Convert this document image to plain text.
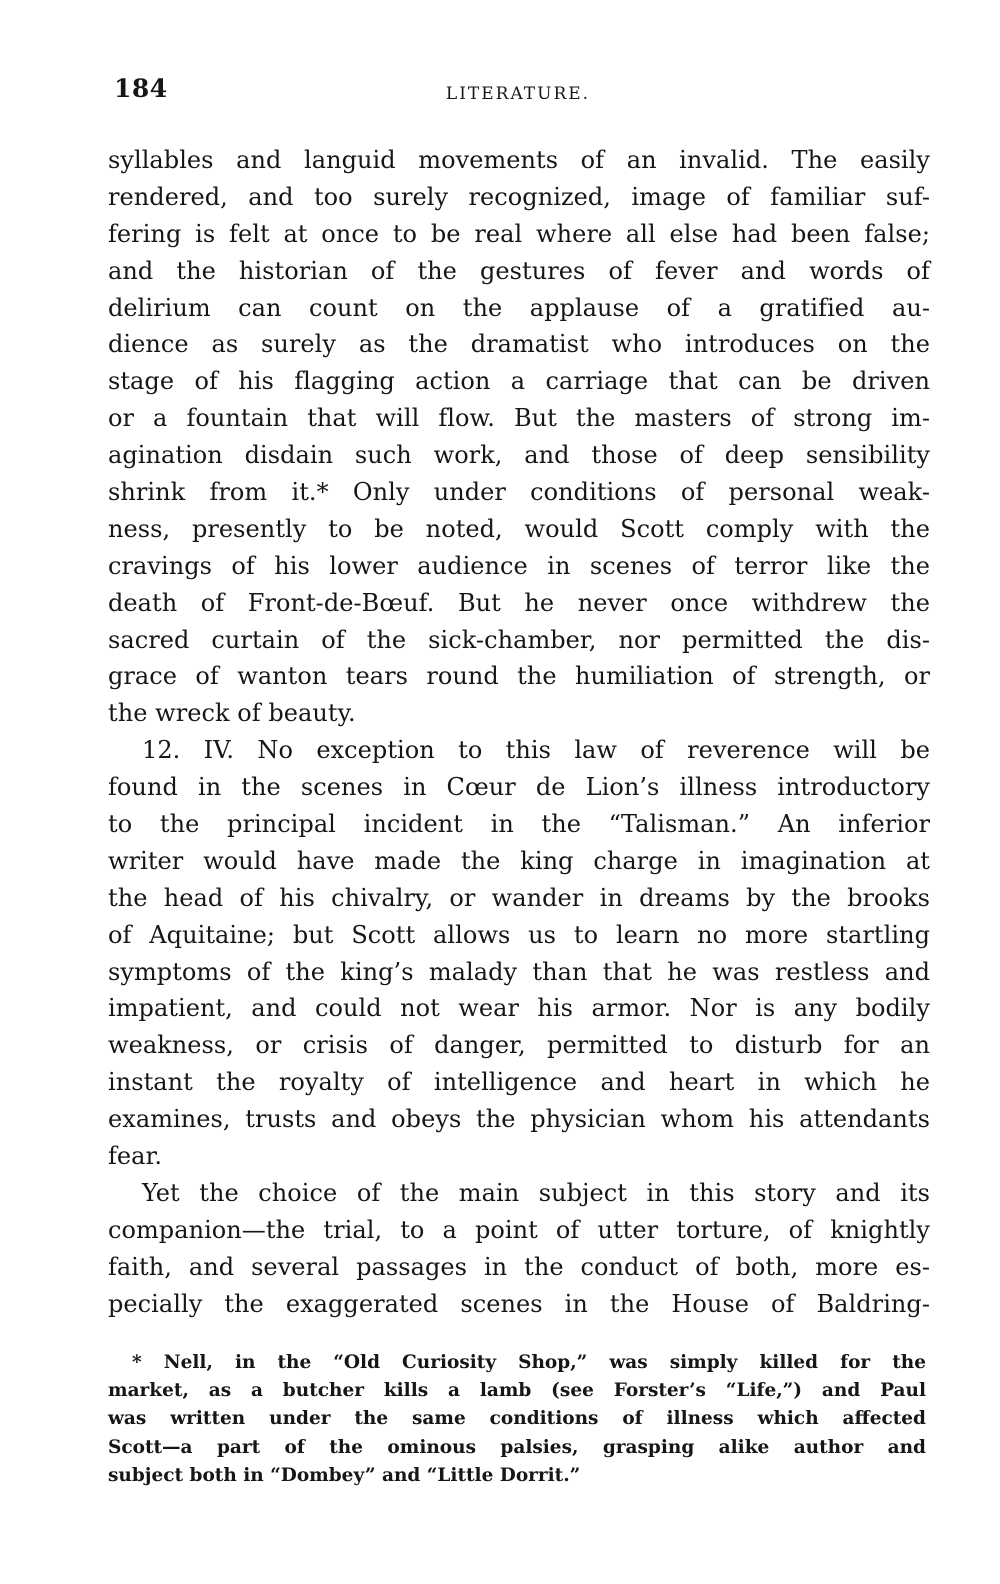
184	LITERATURE.
syllables and languid movements of an invalid. The easily
rendered, and too surely recognized, image of familiar suf-
fering is felt at once to be real where all else had been false;
and the historian of the gestures of fever and words of
delirium can count on the applause of a gratified au-
dience as surely as the dramatist who introduces on the
stage of his flagging action a carriage that can be driven
or a fountain that will flow. But the masters of strong im-
agination disdain such work, and those of deep sensibility
shrink from it.* Only under conditions of personal weak-
ness, presently to be noted, would Scott comply with the
cravings of his lower audience in scenes of terror like the
death of Front-de-Bœuf. But he never once withdrew the
sacred curtain of the sick-chamber, nor permitted the dis-
grace of wanton tears round the humiliation of strength, or
the wreck of beauty.
12. IV. No exception to this law of reverence will be
found in the scenes in Cœur de Lion’s illness introductory
to the principal incident in the “Talisman.” An inferior
writer would have made the king charge in imagination at
the head of his chivalry, or wander in dreams by the brooks
of Aquitaine; but Scott allows us to learn no more startling
symptoms of the king’s malady than that he was restless and
impatient, and could not wear his armor. Nor is any bodily
weakness, or crisis of danger, permitted to disturb for an
instant the royalty of intelligence and heart in which he
examines, trusts and obeys the physician whom his attendants
fear.
Yet the choice of the main subject in this story and its
companion—the trial, to a point of utter torture, of knightly
faith, and several passages in the conduct of both, more es-
pecially the exaggerated scenes in the House of Baldring-
* Nell, in the “Old Curiosity Shop,” was simply killed for the
market, as a butcher kills a lamb (see Forster’s “Life,”) and Paul
was written under the same conditions of illness which affected
Scott—a part of the ominous palsies, grasping alike author and
subject both in “Dombey” and “Little Dorrit.”
